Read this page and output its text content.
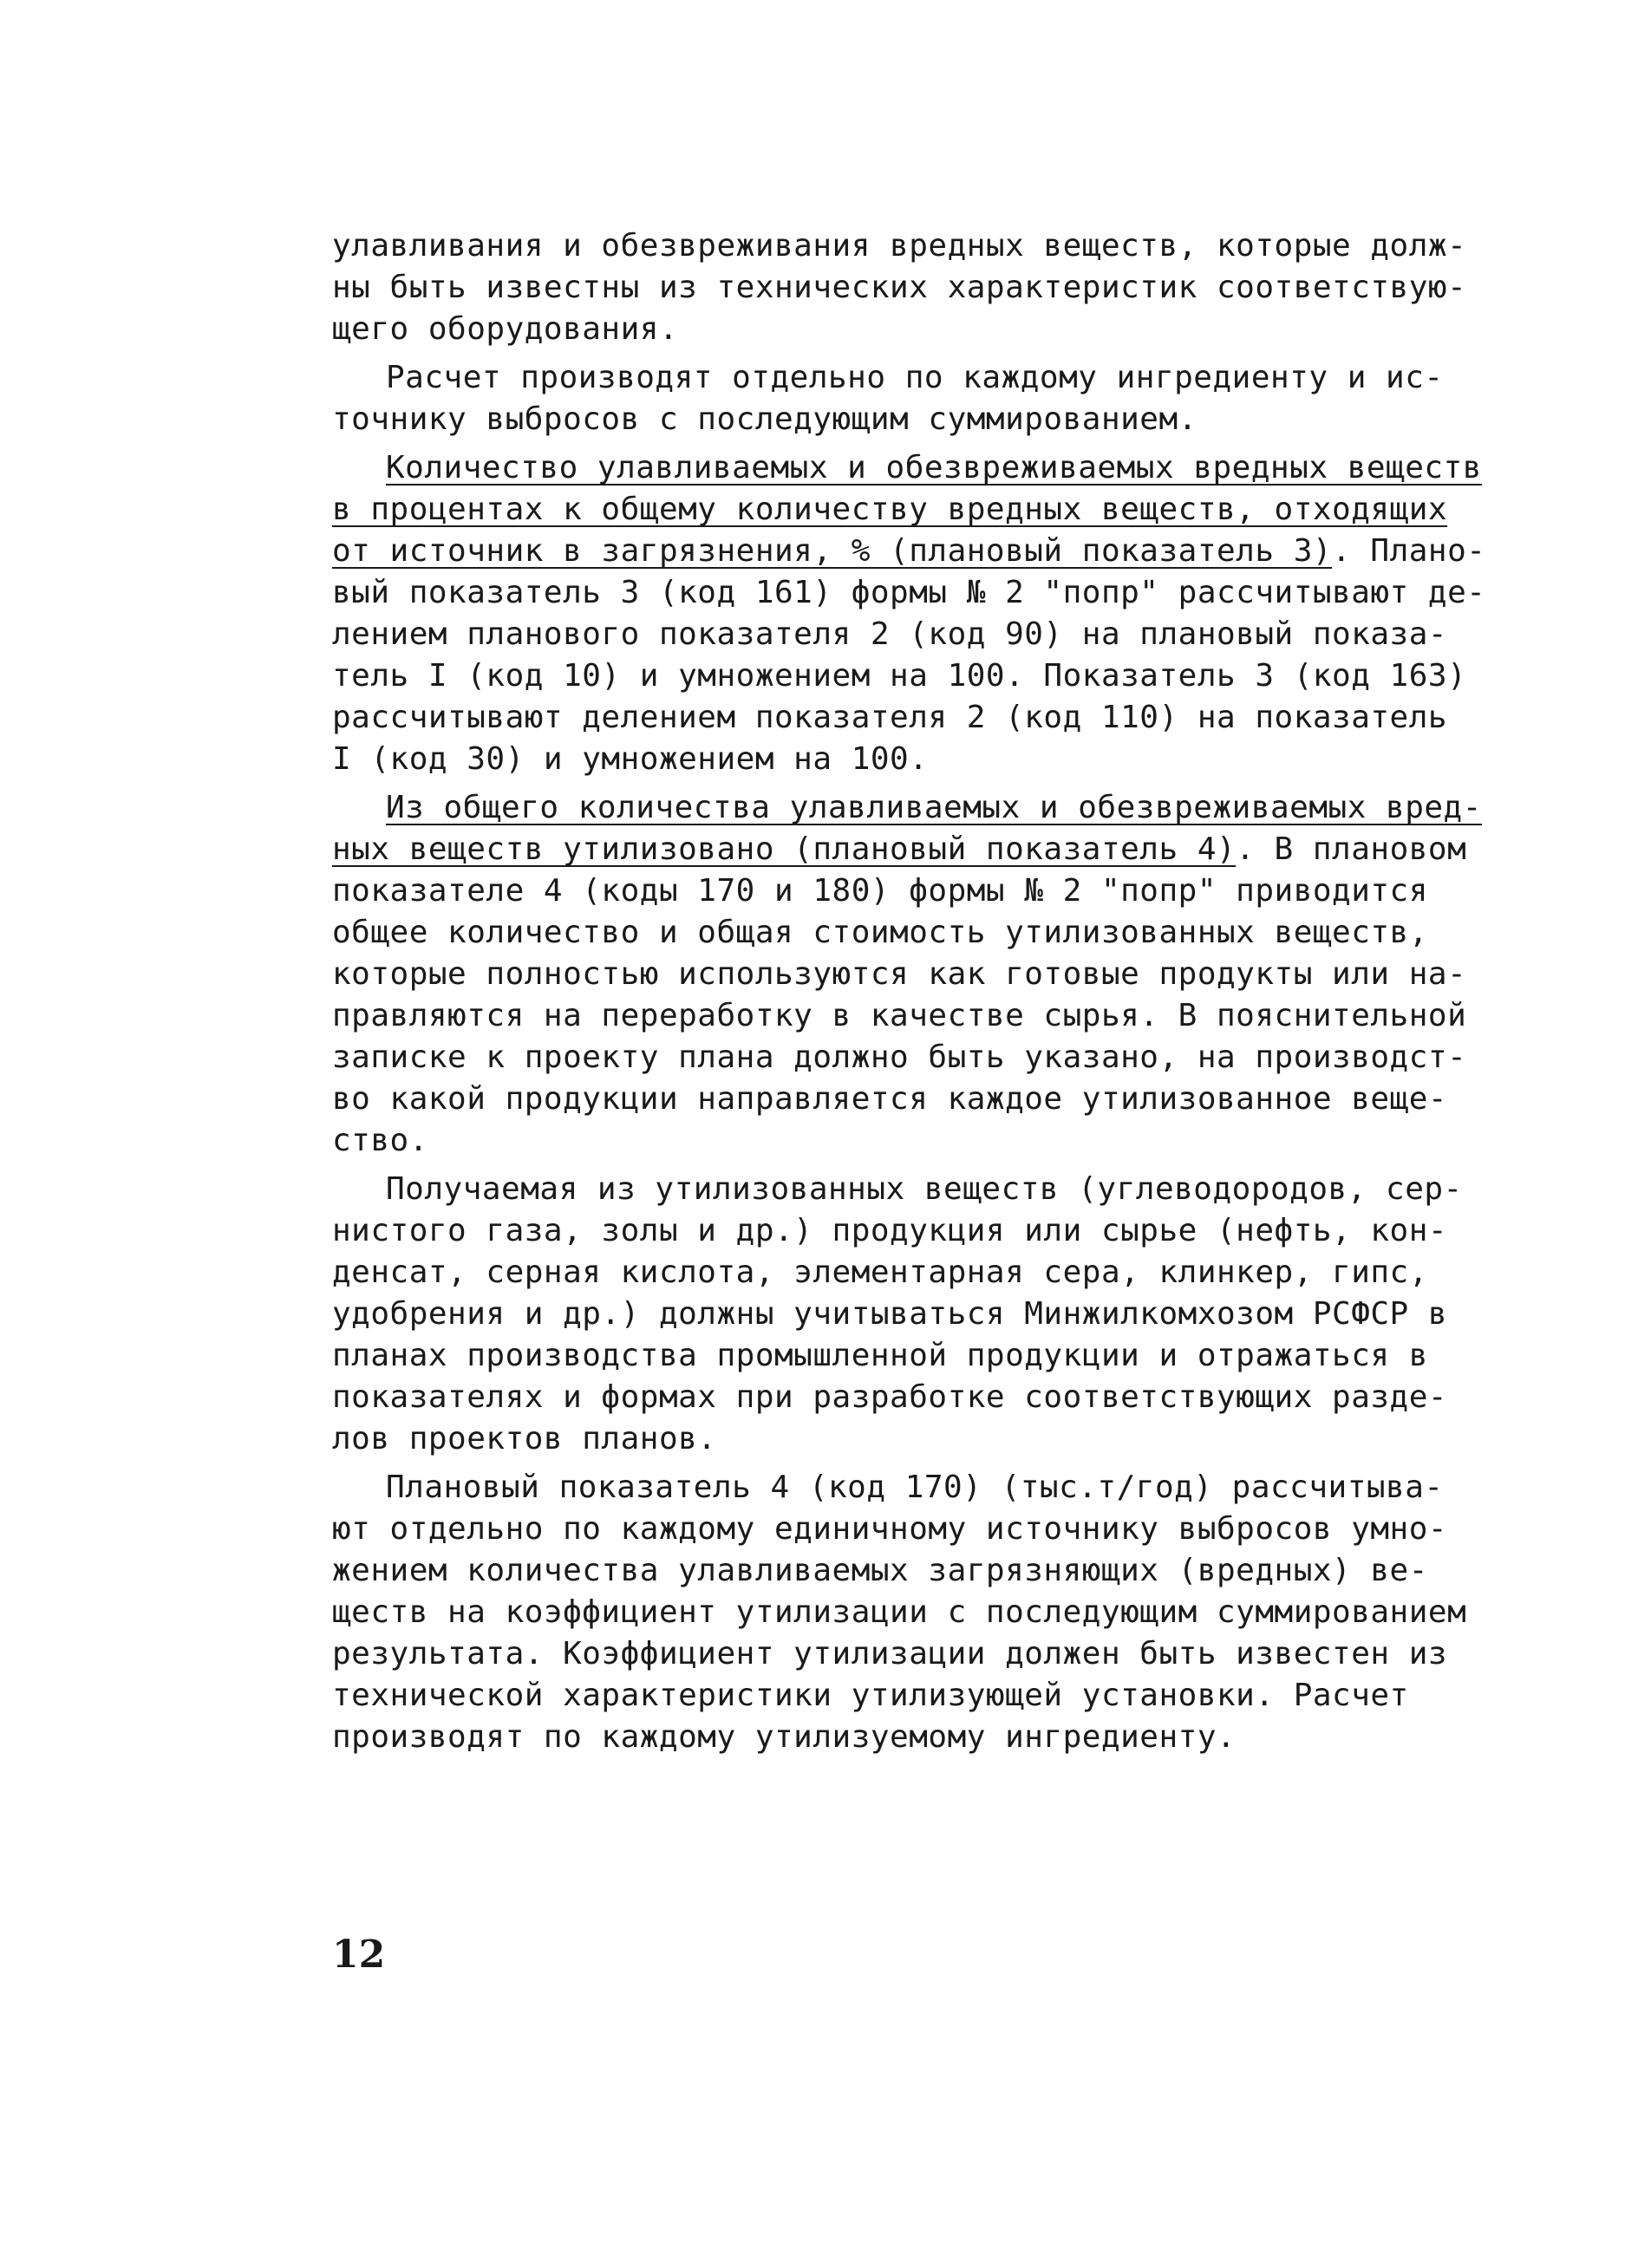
улавливания и обезвреживания вредных веществ, которые долж-
ны быть известны из технических характеристик соответствую-
щего оборудования.
Расчет производят отдельно по каждому ингредиенту и ис-
точнику выбросов с последующим суммированием.
Количество улавливаемых и обезвреживаемых вредных веществ
в процентах к общему количеству вредных веществ, отходящих
от источник в загрязнения, % (плановый показатель 3). Плано-
вый показатель 3 (код 161) формы № 2 "попр" рассчитывают де-
лением планового показателя 2 (код 90) на плановый показа-
тель I (код 10) и умножением на 100. Показатель 3 (код 163)
рассчитывают делением показателя 2 (код 110) на показатель
I (код 30) и умножением на 100.
Из общего количества улавливаемых и обезвреживаемых вред-
ных веществ утилизовано (плановый показатель 4). В плановом
показателе 4 (коды 170 и 180) формы № 2 "попр" приводится
общее количество и общая стоимость утилизованных веществ,
которые полностью используются как готовые продукты или на-
правляются на переработку в качестве сырья. В пояснительной
записке к проекту плана должно быть указано, на производст-
во какой продукции направляется каждое утилизованное веще-
ство.
Получаемая из утилизованных веществ (углеводородов, сер-
нистого газа, золы и др.) продукция или сырье (нефть, кон-
денсат, серная кислота, элементарная сера, клинкер, гипс,
удобрения и др.) должны учитываться Минжилкомхозом РСФСР в
планах производства промышленной продукции и отражаться в
показателях и формах при разработке соответствующих разде-
лов проектов планов.
Плановый показатель 4 (код 170) (тыс.т/год) рассчитыва-
ют отдельно по каждому единичному источнику выбросов умно-
жением количества улавливаемых загрязняющих (вредных) ве-
ществ на коэффициент утилизации с последующим суммированием
результата. Коэффициент утилизации должен быть известен из
технической характеристики утилизующей установки. Расчет
производят по каждому утилизуемому ингредиенту.
12
